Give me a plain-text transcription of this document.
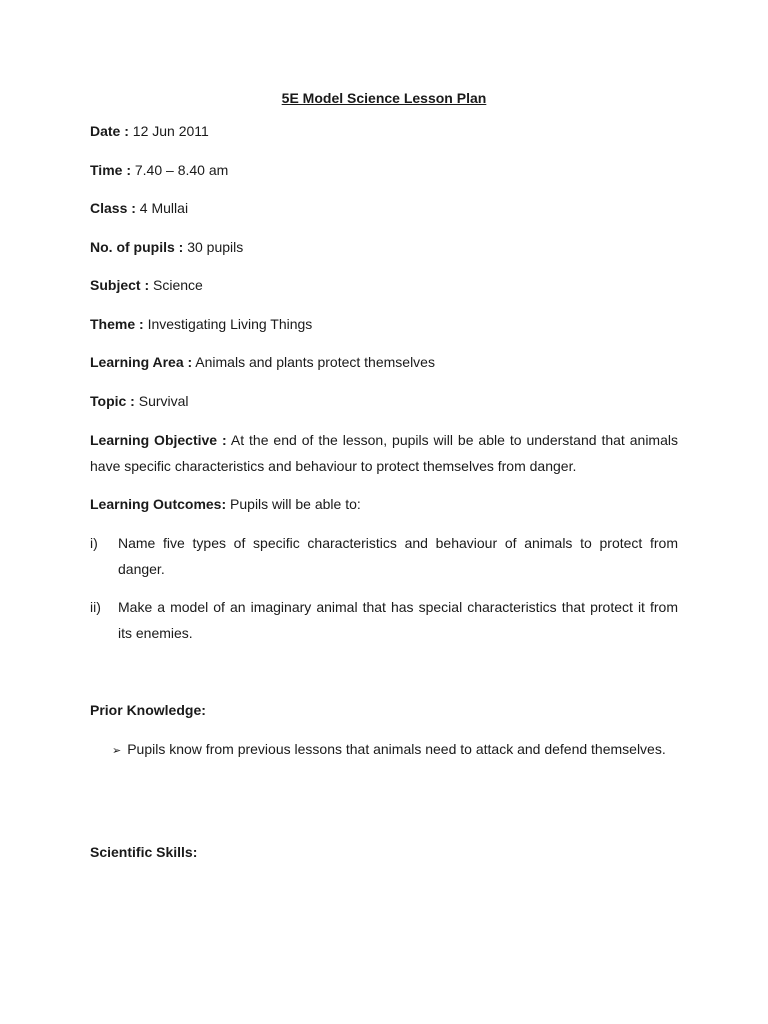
5E Model Science Lesson Plan
Date : 12 Jun 2011
Time : 7.40 – 8.40 am
Class : 4 Mullai
No. of pupils : 30 pupils
Subject : Science
Theme : Investigating Living Things
Learning Area : Animals and plants protect themselves
Topic : Survival
Learning Objective : At the end of the lesson, pupils will be able to understand that animals have specific characteristics and behaviour to protect themselves from danger.
Learning Outcomes: Pupils will be able to:
i) Name five types of specific characteristics and behaviour of animals to protect from danger.
ii) Make a model of an imaginary animal that has special characteristics that protect it from its enemies.
Prior Knowledge:
➢ Pupils know from previous lessons that animals need to attack and defend themselves.
Scientific Skills:
